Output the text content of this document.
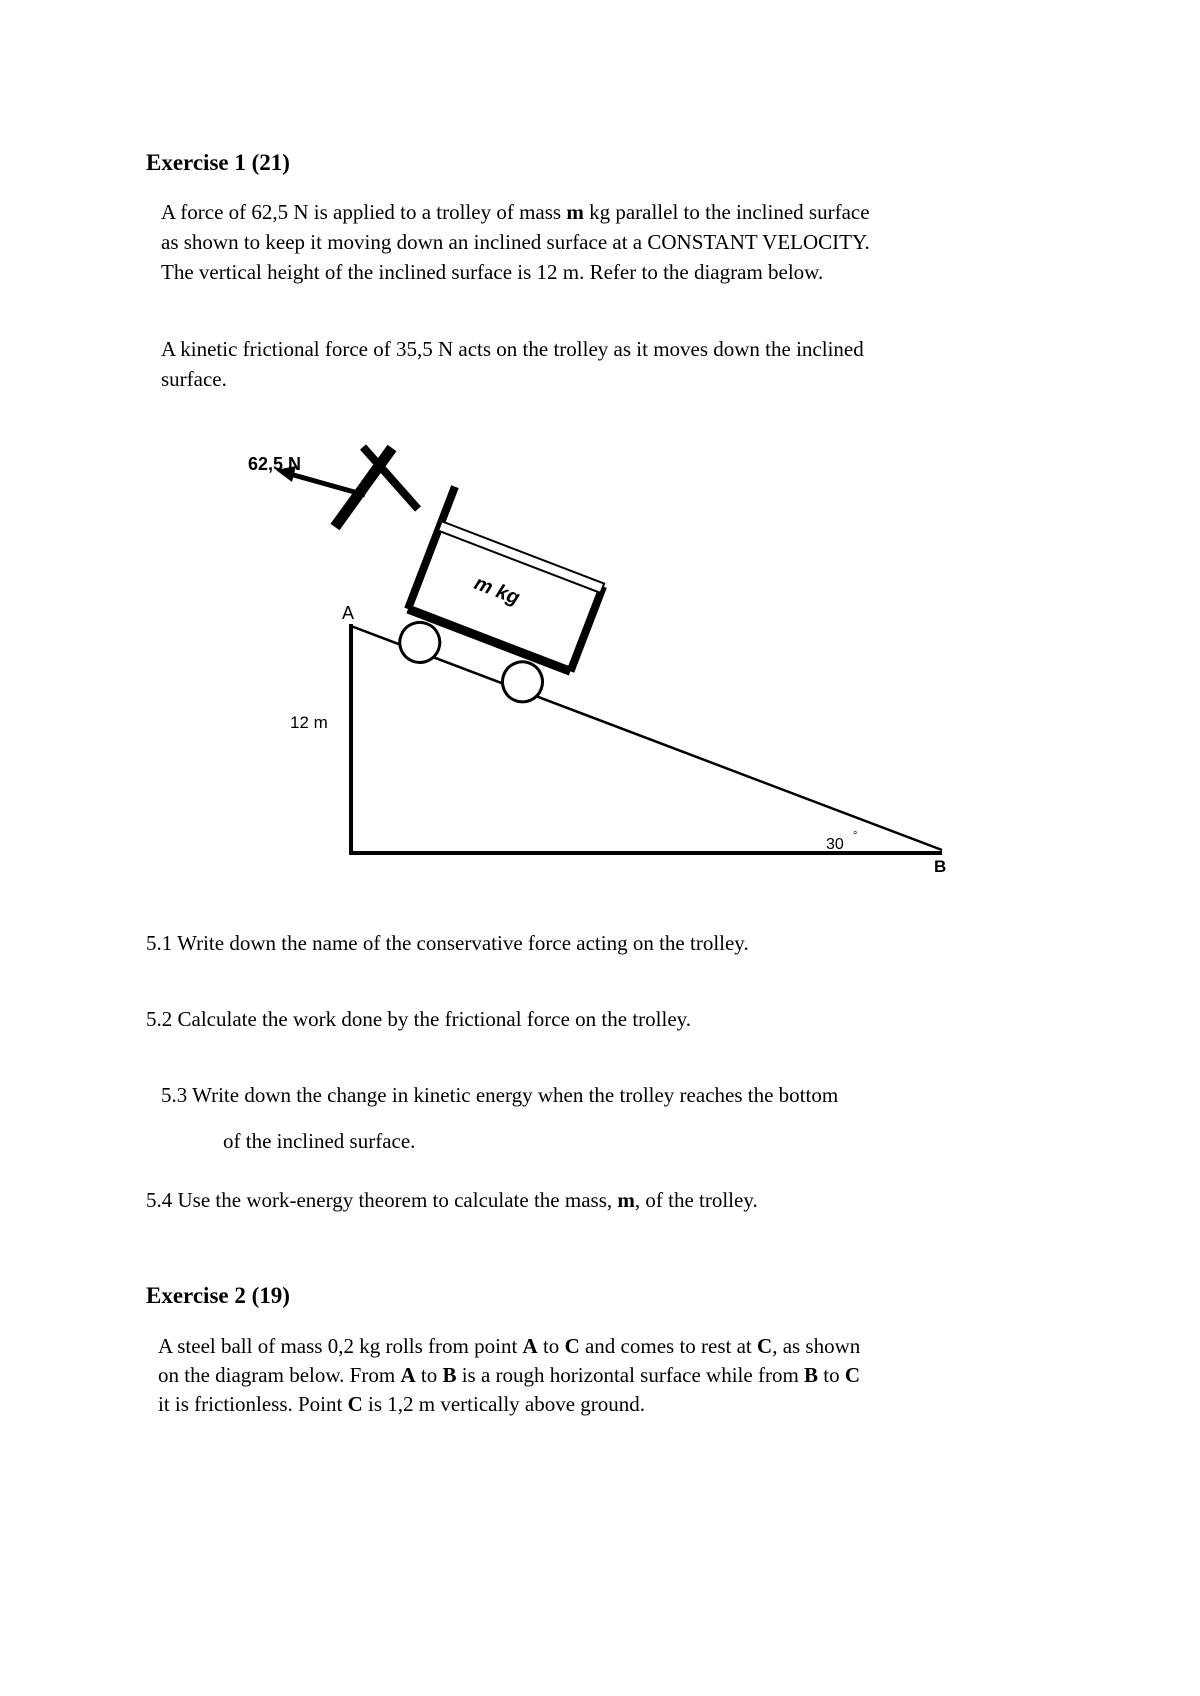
Exercise 1 (21)
A force of 62,5 N is applied to a trolley of mass m kg parallel to the inclined surface
as shown to keep it moving down an inclined surface at a CONSTANT VELOCITY.
The vertical height of the inclined surface is 12 m. Refer to the diagram below.
A kinetic frictional force of 35,5 N acts on the trolley as it moves down the inclined
surface.
62,5 N
A
12 m
30 °
B
m kg

5.1 Write down the name of the conservative force acting on the trolley.

5.2 Calculate the work done by the frictional force on the trolley.

5.3 Write down the change in kinetic energy when the trolley reaches the bottom

of the inclined surface.

5.4 Use the work-energy theorem to calculate the mass, m, of the trolley.

Exercise 2 (19)
A steel ball of mass 0,2 kg rolls from point A to C and comes to rest at C, as shown
on the diagram below. From A to B is a rough horizontal surface while from B to C
it is frictionless. Point C is 1,2 m vertically above ground.
